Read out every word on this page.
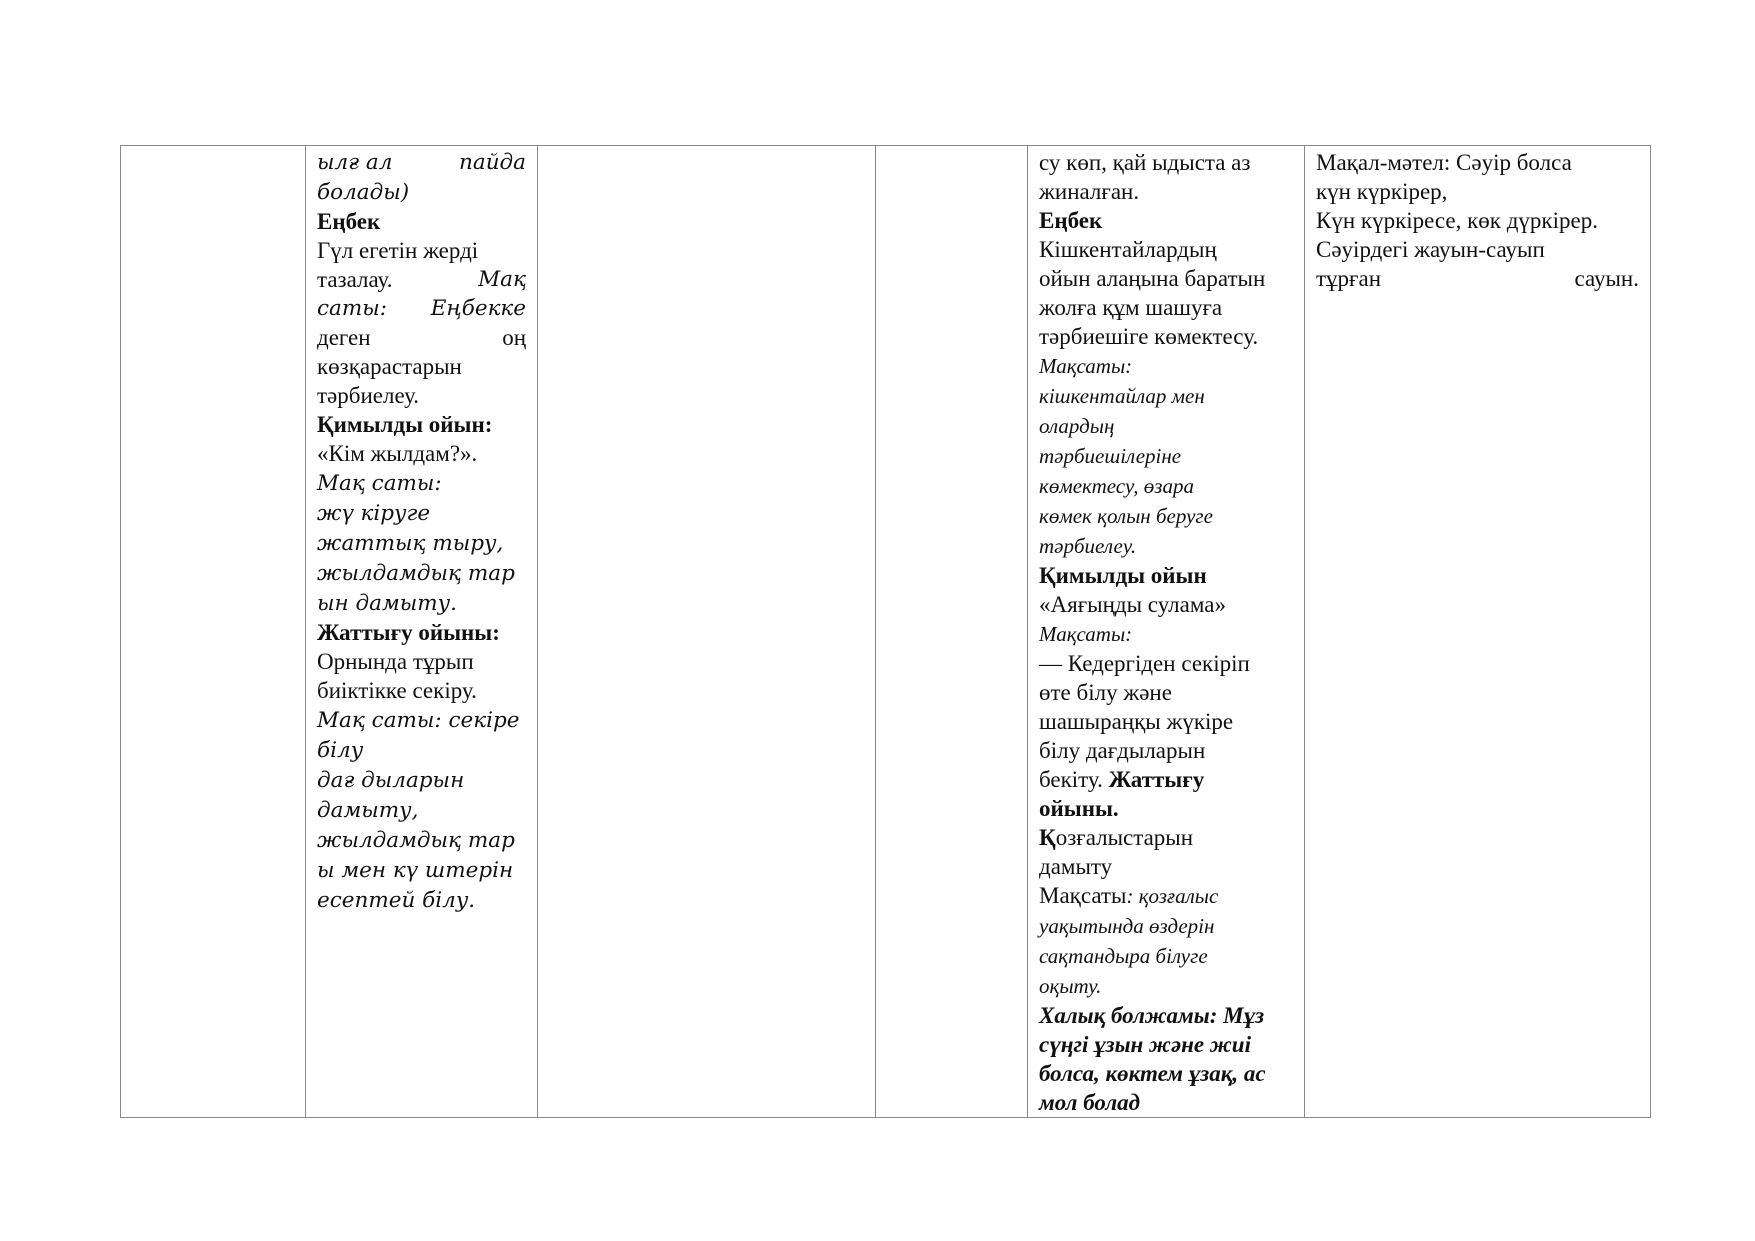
ылғ ал	пайда
болады)
Еңбек
Гүл егетін жерді
тазалау.	Мақ
саты: Еңбекке
деген	оң
көзқарастарын
тәрбиелеу.
Қимылды ойын:
«Кім жылдам?».
Мақ саты:
жү кіруге
жаттық тыру,
жылдамдық тар
ын дамыту.
Жаттығу ойыны:
Орнында тұрып
биіктікке секіру.
Мақ саты: секіре
білу
дағ дыларын
дамыту,
жылдамдық тар
ы мен кү штерін
есептей білу.

су көп, қай ыдыста аз
жиналған.
Еңбек
Кішкентайлардың
ойын алаңына баратын
жолға құм шашуға
тәрбиешіге көмектесу.
Мақсаты:
кішкентайлар мен
олардың
тәрбиешілеріне
көмектесу, өзара
көмек қолын беруге
тәрбиелеу.
Қимылды ойын
«Аяғыңды сулама»
Мақсаты:
— Кедергіден секіріп
өте білу және
шашыраңқы жүкіре
білу дағдыларын
бекіту. Жаттығу
ойыны.
Қозғалыстарын
дамыту
Мақсаты: қозғалыс
уақытында өздерін
сақтандыра білуге
оқыту.
Халық болжамы: Мұз
сүңгі ұзын және жиі
болса, көктем ұзақ, ас
мол болад

Мақал-мәтел: Сәуір болса
күн күркірер,
Күн күркіресе, көк дүркірер.
Сәуірдегі жауын-сауып
тұрған	сауын.
